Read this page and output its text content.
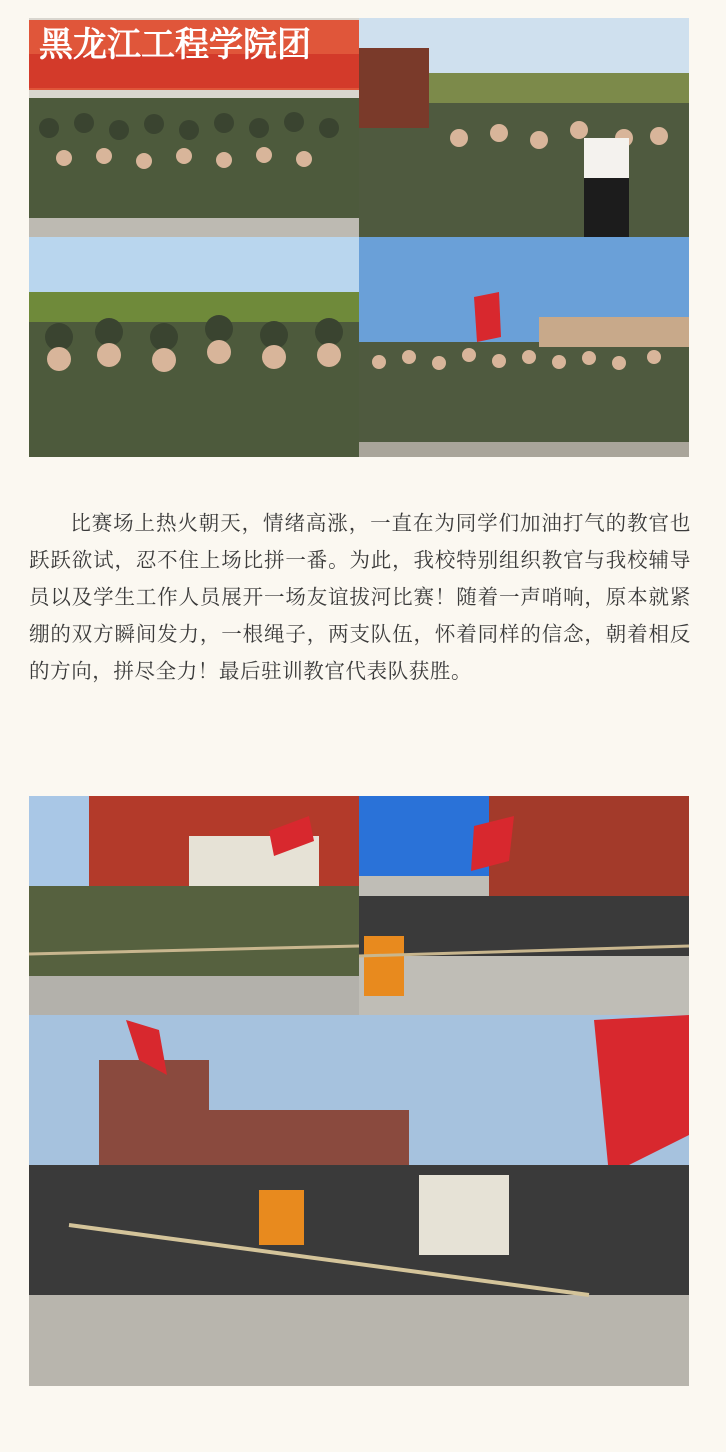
黑龙江工程学院团

比赛场上热火朝天，情绪高涨，一直在为同学们加油打气的教官也跃跃欲试，忍不住上场比拼一番。为此，我校特别组织教官与我校辅导员以及学生工作人员展开一场友谊拔河比赛！随着一声哨响，原本就紧绷的双方瞬间发力，一根绳子，两支队伍，怀着同样的信念，朝着相反的方向，拼尽全力！最后驻训教官代表队获胜。
